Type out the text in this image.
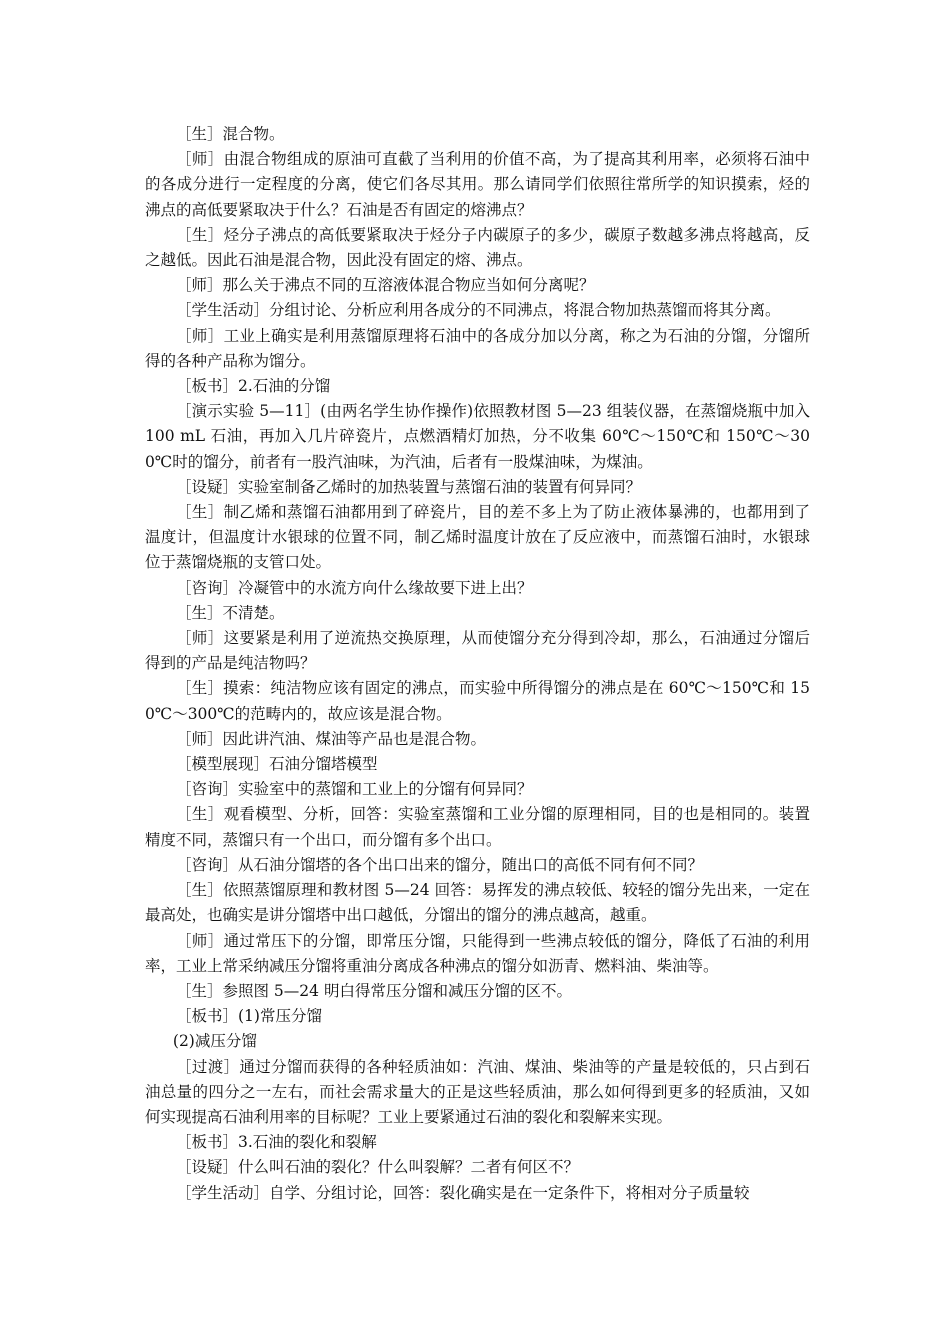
［生］混合物。

［师］由混合物组成的原油可直截了当利用的价值不高，为了提高其利用率，必须将石油中的各成分进行一定程度的分离，使它们各尽其用。那么请同学们依照往常所学的知识摸索，烃的沸点的高低要紧取决于什么？石油是否有固定的熔沸点？

［生］烃分子沸点的高低要紧取决于烃分子内碳原子的多少，碳原子数越多沸点将越高，反之越低。因此石油是混合物，因此没有固定的熔、沸点。

［师］那么关于沸点不同的互溶液体混合物应当如何分离呢？

［学生活动］分组讨论、分析应利用各成分的不同沸点，将混合物加热蒸馏而将其分离。

［师］工业上确实是利用蒸馏原理将石油中的各成分加以分离，称之为石油的分馏，分馏所得的各种产品称为馏分。

［板书］2.石油的分馏

［演示实验 5—11］(由两名学生协作操作)依照教材图 5—23 组装仪器，在蒸馏烧瓶中加入 100 mL 石油，再加入几片碎瓷片，点燃酒精灯加热，分不收集 60℃～150℃和 150℃～300℃时的馏分，前者有一股汽油味，为汽油，后者有一股煤油味，为煤油。

［设疑］实验室制备乙烯时的加热装置与蒸馏石油的装置有何异同？

［生］制乙烯和蒸馏石油都用到了碎瓷片，目的差不多上为了防止液体暴沸的，也都用到了温度计，但温度计水银球的位置不同，制乙烯时温度计放在了反应液中，而蒸馏石油时，水银球位于蒸馏烧瓶的支管口处。

［咨询］冷凝管中的水流方向什么缘故要下进上出？

［生］不清楚。

［师］这要紧是利用了逆流热交换原理，从而使馏分充分得到冷却，那么，石油通过分馏后得到的产品是纯洁物吗？

［生］摸索：纯洁物应该有固定的沸点，而实验中所得馏分的沸点是在 60℃～150℃和 150℃～300℃的范畴内的，故应该是混合物。

［师］因此讲汽油、煤油等产品也是混合物。

［模型展现］石油分馏塔模型

［咨询］实验室中的蒸馏和工业上的分馏有何异同？

［生］观看模型、分析，回答：实验室蒸馏和工业分馏的原理相同，目的也是相同的。装置精度不同，蒸馏只有一个出口，而分馏有多个出口。

［咨询］从石油分馏塔的各个出口出来的馏分，随出口的高低不同有何不同？

［生］依照蒸馏原理和教材图 5—24 回答：易挥发的沸点较低、较轻的馏分先出来，一定在最高处，也确实是讲分馏塔中出口越低，分馏出的馏分的沸点越高，越重。

［师］通过常压下的分馏，即常压分馏，只能得到一些沸点较低的馏分，降低了石油的利用率，工业上常采纳减压分馏将重油分离成各种沸点的馏分如沥青、燃料油、柴油等。

［生］参照图 5—24 明白得常压分馏和减压分馏的区不。

［板书］(1)常压分馏

(2)减压分馏

［过渡］通过分馏而获得的各种轻质油如：汽油、煤油、柴油等的产量是较低的，只占到石油总量的四分之一左右，而社会需求量大的正是这些轻质油，那么如何得到更多的轻质油，又如何实现提高石油利用率的目标呢？工业上要紧通过石油的裂化和裂解来实现。

［板书］3.石油的裂化和裂解

［设疑］什么叫石油的裂化？什么叫裂解？二者有何区不？

［学生活动］自学、分组讨论，回答：裂化确实是在一定条件下，将相对分子质量较
